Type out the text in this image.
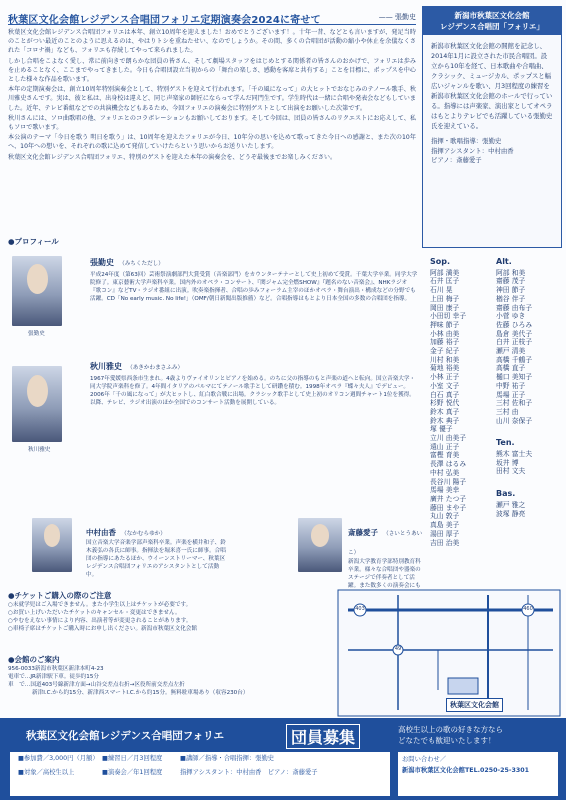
秋葉区文化会館レジデンス合唱団フォリエ定期演奏会2024に寄せて	—— 張勤史

秋葉区文化会館レジデンス合唱団フォリエは本年、創立10周年を迎えました！おめでとうございます！。十年一昔、などとも言いますが、発足当時のことがつい最近のことのように思えるのは、やはりトシを重ねたせい、なのでしょうか。その間、多くの合唱団が活動の縮小や休止を余儀なくされた「コロナ禍」なども、フォリエも存続してやって来られました。

しかし合唱をこよなく愛し、常に前向きで朗らかな団員の皆さん、そして劇場スタッフをはじめとする関係者の皆さんのおかげで、フォリエは歩みを止めることなく、ここまでやってきました。今日も合唱団設立当初からの「舞台の楽しさ、感動を客席と共有する」ことを目標に、ポップスを中心とした様々な作品を歌います。

本年の定期演奏会は、創立10周年特別演奏会として、特別ゲストを迎えて行われます。「千の風になって」の大ヒットでおなじみのテノール歌手、秋川雅史さんです。実は、彼と私は、出身校は違えど、同じ声楽家の師匠にならって学んだ同門生です。学生時代は一緒に合唱や発表会などもしていました。近年、テレビ番組などでの共演機会などもあるため、今回フォリエの演奏会に特別ゲストとして出演をお願いした次第です。

秋川さんには、ソロ曲歌唱の他、フォリエとのコラボレーションもお願いしております。そして今回は、団員の皆さんのリクエストにお応えして、私もソロで歌います。

本公演のテーマ「今日を歌う 明日を歌う」は、10周年を迎えたフォリエが今日、10年分の思いを込めて歌ってきた今日への感謝と、また次の10年へ、10年への想いを、それぞれの歌に込めて発信していけたらという思いからお送りいたします。

秋葉区文化会館レジデンス合唱団フォリエ、特別のゲストを迎えた本年の演奏会を、どうぞ最後までお楽しみください。

新潟市秋葉区文化会館
レジデンス合唱団「フォリエ」
新潟市秋葉区文化会館の開館を記念し、2014年1月に設立された市民合唱団。設立から10年を経て、日本歌曲や合唱曲、クラシック、ミュージカル、ポップスと幅広いジャンルを歌い、月3回程度の練習を新潟市秋葉区文化会館のホールで行っている。指導には声楽家、演出家としてオペラはもとよりテレビでも活躍している張勤史氏を迎えている。
指揮・歌唱指導：張勤史
指揮アシスタント：中村由香
ピアノ：斎藤愛子
Sop.
阿部 満美
石井 匡子
石川 晃
上田 梅子
岡田 康子
小田切 幸子
押味 節子
小林 由美
加藤 裕子
金子 紀子
川村 和美
菊地 裕美
小林 正子
小室 文子
白石 真子
杉野 悦代
鈴木 真子
鈴木 典子
塚 優子
立川 由美子
遠山 正子
富樫 育美
長澤 はるみ
中村 弘美
長谷川 陽子
馬場 美幸
廣井 たつ子
藤田 まや子
丸山 敦子
真島 美子
湯田 厚子
吉田 治美
Alt.
阿部 和美
齋藤 茂子
神田 節子
楢谷 伴子
齋藤 由布子
小菅 ゆき
佐藤 ひろみ
島倉 美代子
白井 正枝子
瀬戸 清美
高橋 千鶴子
高橋 直子
樋口 美知子
中野 祐子
馬場 正子
三村 佐和子
三村 由
山川 奈保子
Ten.
熊木 富士夫
坂井 博
田村 文夫
Bas.
瀬戸 雅之
波塚 静亮
●プロフィール
張勤史
張勤史 （みちくただし）
平成24年度（第63回）芸術祭演劇部門大賞受賞（音楽部門）をカウンターテナーとして史上初めて受賞。千葉大学卒業。同学大学院修了。東京藝術大学声楽科卒業。国内外のオペラ・コンサート、『関ジャム完全燃SHOW』『題名のない音楽会』、NHKラジオ『歌コン』などTV・ラジオ番組に出演。吹奏楽指揮者、合唱の歩みフォーラム主宰のほかオペラ・舞台演出・構成などの分野でも活躍。CD「No early music. No life!」（OMF/朝日新聞出版推薦）など。合唱指導はもとより日本全国の多数の合唱団を指導。
秋川雅史
秋川雅史 （あきかわまさふみ）
1967年愛媛県西条市生まれ。4歳よりヴァイオリンとピアノを始める。のちに父の指導のもと声楽の道へと転向。国立音楽大学・同大学院声楽科を修了。4年間イタリアのパルマにてテノール歌手として研鑽を積む。1998年オペラ『蝶々夫人』でデビュー。2006年「千の風になって」が大ヒットし、紅白歌合戦に出場。クラシック歌手として史上初のオリコン週間チャート1位を獲得。以降、テレビ、ラジオ出演のほか全国でのコンサート活動を展開している。
中村由香 （なかむらゆか）
国立音楽大学音楽学部声楽科卒業。声楽を横井和子、鈴木義弘の各氏に師事。指揮法を堀米喜一氏に師事。合唱団の指導にあたるほか、ウイーンストリーマー、秋葉区レジデンス合唱団フォリエのアシスタントとして活動中。
斎藤愛子 （さいとうあいこ）
新潟大学教育学部特別教育科卒業。様々な合唱団や器楽のステージで伴奏者として活躍。また数多くの演奏会にも
●チケットご購入の際のご注意
○未就学児はご入場できません。また小学生以上はチケットが必要です。
○お買い上げいただいたチケットのキャンセル・変更はできません。
○やむをえない事情により内容、出演者等が変更されることがあります。
○車椅子席はチケットご購入時にお申し出ください。新潟市秋葉区文化会館
●会館のご案内
956-0033新潟市秋葉区新津本町4-23
電車で…JR新津駅下車。徒歩約15分
車　で…国道403号線新津方面→山谷交差点右折→区役所前交差点左折
新津I.C.から約15分、新津西スマートI.C.から約15分。無料駐車場あり（収容230台）
403	460
49
秋葉区文化会館
秋葉区文化会館レジデンス合唱団フォリエ	団員募集	高校生以上の歌の好きな方なら
どなたでも歓迎いたします！
■参加費／3,000円（月額）
■対象／高校生以上
■練習日／月3回程度
■演奏会／年1回程度
■講師／指導・合唱指揮：張勤史
指揮アシスタント：中村由香　ピアノ：斎藤愛子
お問い合わせ／
新潟市秋葉区文化会館TEL.0250-25-3301
